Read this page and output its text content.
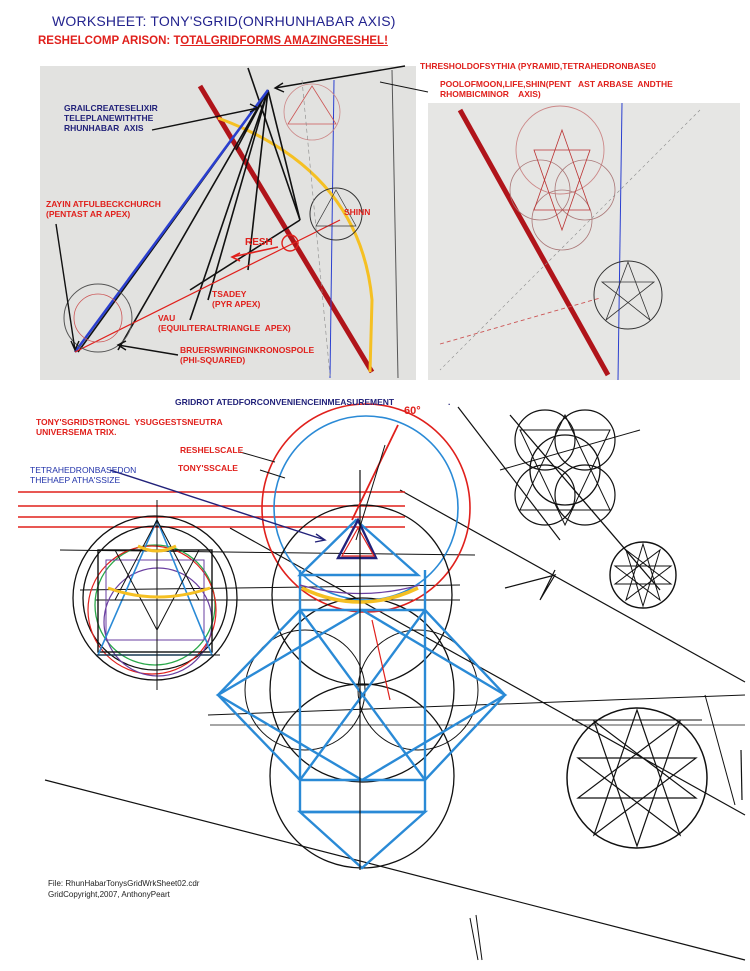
WORKSHEET: TONY'SGRID(ONRHUNHABAR AXIS)
RESHELCOMP ARISON: TOTALGRIDFORMS AMAZINGRESHEL!
GRAILCREATESELIXIR
TELEPLANEWITHTHE
RHUNHABAR  AXIS
ZAYIN ATFULBECKCHURCH
(PENTAST AR APEX)	SHINN
RESH
TSADEY
(PYR APEX)
VAU
(EQUILITERALTRIANGLE  APEX)
BRUERSWRINGINKRONOSPOLE
(PHI-SQUARED)
THRESHOLDOFSYTHIA (PYRAMID,TETRAHEDRONBASE0
POOLOFMOON,LIFE,SHIN(PENT   AST ARBASE  ANDTHE
RHOMBICMINOR    AXIS)
GRIDROT ATEDFORCONVENIENCEINMEASUREMENT	.
60°
TONY'SGRIDSTRONGL  YSUGGESTSNEUTRA
UNIVERSEMA TRIX.
RESHELSCALE
TONY'SSCALE
TETRAHEDRONBASEDON
THEHAEP ATHA'SSIZE
File: RhunHabarTonysGridWrkSheet02.cdr
GridCopyright,2007, AnthonyPeart
